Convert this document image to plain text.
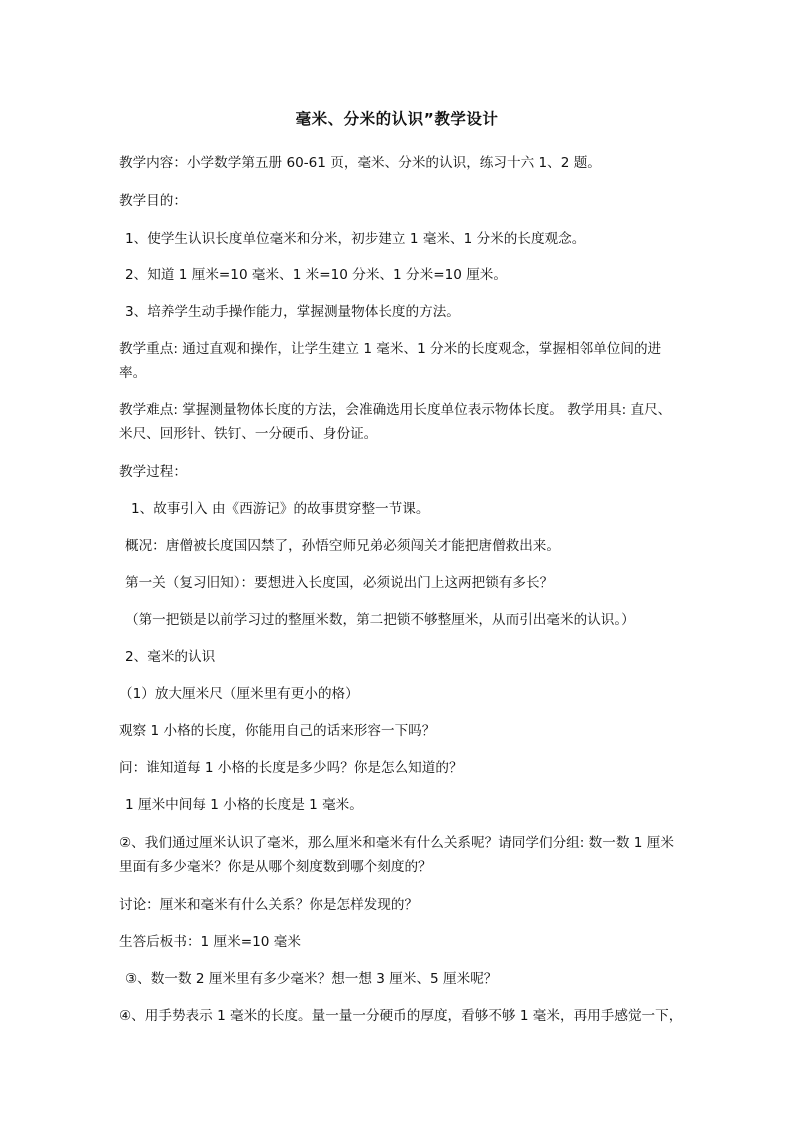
毫米、分米的认识”教学设计
教学内容：小学数学第五册 60-61 页，毫米、分米的认识，练习十六 1、2 题。
教学目的：
1、使学生认识长度单位毫米和分米，初步建立 1 毫米、1 分米的长度观念。
2、知道 1 厘米=10 毫米、1 米=10 分米、1 分米=10 厘米。
3、培养学生动手操作能力，掌握测量物体长度的方法。
教学重点: 通过直观和操作，让学生建立 1 毫米、1 分米的长度观念，掌握相邻单位间的进率。
教学难点: 掌握测量物体长度的方法，会准确选用长度单位表示物体长度。 教学用具: 直尺、米尺、回形针、铁钉、一分硬币、身份证。
教学过程：
1、故事引入 由《西游记》的故事贯穿整一节课。
概况：唐僧被长度国囚禁了，孙悟空师兄弟必须闯关才能把唐僧救出来。
第一关（复习旧知）：要想进入长度国，必须说出门上这两把锁有多长？
（第一把锁是以前学习过的整厘米数，第二把锁不够整厘米，从而引出毫米的认识。）
2、毫米的认识
（1）放大厘米尺（厘米里有更小的格）
观察 1 小格的长度，你能用自己的话来形容一下吗？
问：谁知道每 1 小格的长度是多少吗？你是怎么知道的？
1 厘米中间每 1 小格的长度是 1 毫米。
②、我们通过厘米认识了毫米，那么厘米和毫米有什么关系呢？请同学们分组: 数一数 1 厘米里面有多少毫米？你是从哪个刻度数到哪个刻度的？
讨论：厘米和毫米有什么关系？你是怎样发现的？
生答后板书：1 厘米=10 毫米
③、数一数 2 厘米里有多少毫米？想一想 3 厘米、5 厘米呢？
④、用手势表示 1 毫米的长度。量一量一分硬币的厚度，看够不够 1 毫米，再用手感觉一下，
